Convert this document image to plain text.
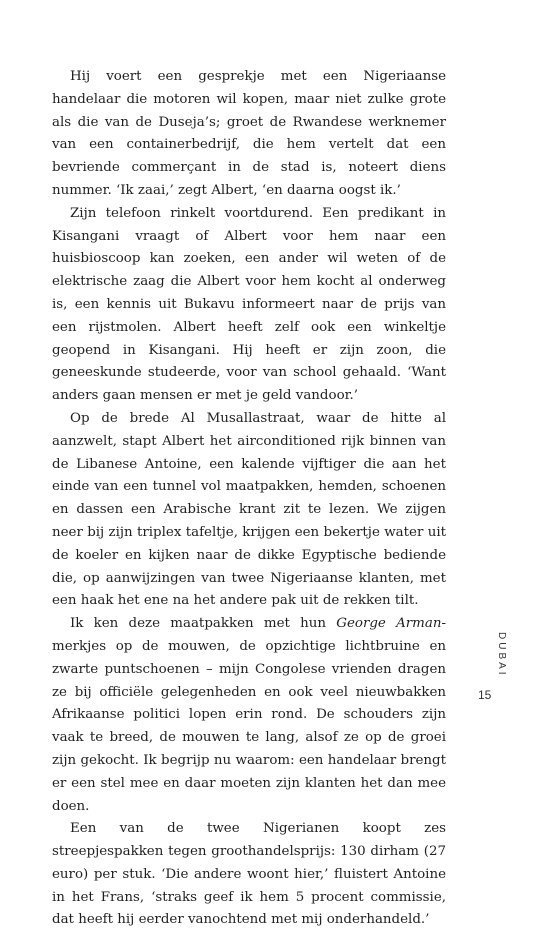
Hij voert een gesprekje met een Nigeriaanse handelaar die motoren wil kopen, maar niet zulke grote als die van de Duseja’s; groet de Rwandese werknemer van een containerbedrijf, die hem vertelt dat een bevriende commerçant in de stad is, noteert diens nummer. ‘Ik zaai,’ zegt Albert, ‘en daarna oogst ik.’

Zijn telefoon rinkelt voortdurend. Een predikant in Kisangani vraagt of Albert voor hem naar een huisbioscoop kan zoeken, een ander wil weten of de elektrische zaag die Albert voor hem kocht al onderweg is, een kennis uit Bukavu informeert naar de prijs van een rijstmolen. Albert heeft zelf ook een winkeltje geopend in Kisangani. Hij heeft er zijn zoon, die geneeskunde studeerde, voor van school gehaald. ‘Want anders gaan mensen er met je geld vandoor.’

Op de brede Al Musallastraat, waar de hitte al aanzwelt, stapt Albert het airconditioned rijk binnen van de Libanese Antoine, een kalende vijftiger die aan het einde van een tunnel vol maatpakken, hemden, schoenen en dassen een Arabische krant zit te lezen. We zijgen neer bij zijn triplex tafeltje, krijgen een bekertje water uit de koeler en kijken naar de dikke Egyptische bediende die, op aanwijzingen van twee Nigeriaanse klanten, met een haak het ene na het andere pak uit de rekken tilt.

Ik ken deze maatpakken met hun George Arman-merkjes op de mouwen, de opzichtige lichtbruine en zwarte puntschoenen – mijn Congolese vrienden dragen ze bij officiële gelegenheden en ook veel nieuwbakken Afrikaanse politici lopen erin rond. De schouders zijn vaak te breed, de mouwen te lang, alsof ze op de groei zijn gekocht. Ik begrijp nu waarom: een handelaar brengt er een stel mee en daar moeten zijn klanten het dan mee doen.

Een van de twee Nigerianen koopt zes streepjespakken tegen groothandelsprijs: 130 dirham (27 euro) per stuk. ‘Die andere woont hier,’ fluistert Antoine in het Frans, ‘straks geef ik hem 5 procent commissie, dat heeft hij eerder vanochtend met mij onderhandeld.’

DUBAI
15
